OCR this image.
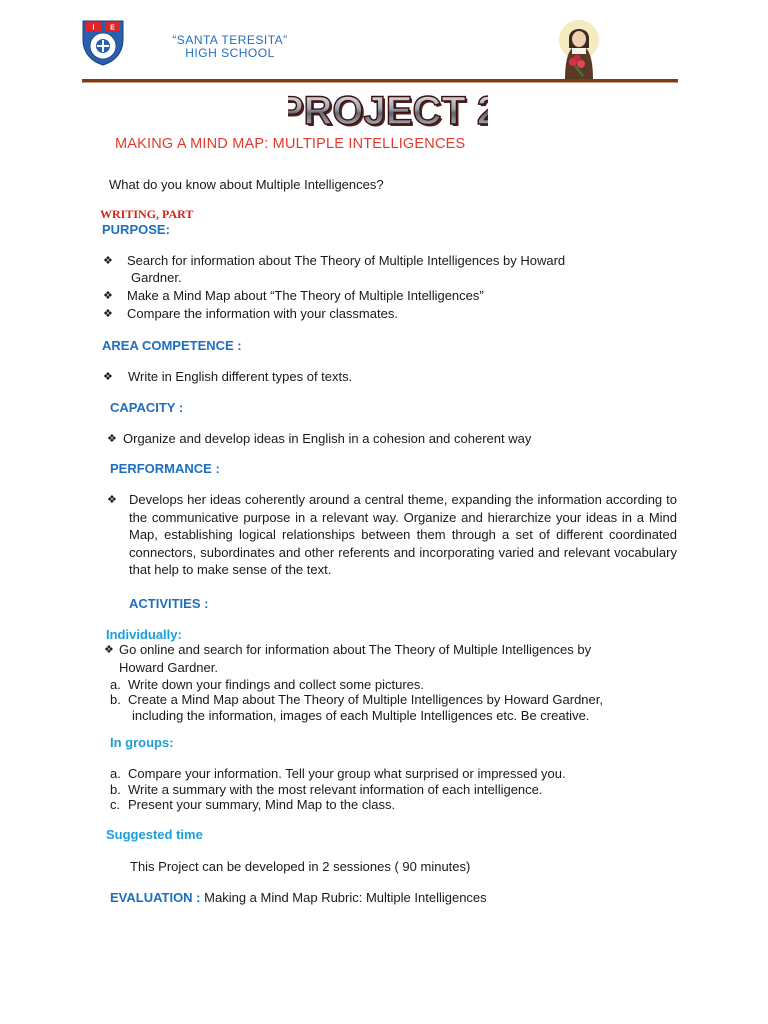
I E
“SANTA TERESITA”
HIGH SCHOOL
PROJECT
PROJECT
MAKING A MIND MAP: MULTIPLE INTELLIGENCES
What do you know about Multiple Intelligences?
WRITING, PART
PURPOSE:
❖ Search for information about The Theory of Multiple Intelligences by Howard
Gardner.
❖ Make a Mind Map about “The Theory of Multiple Intelligences”
❖ Compare the information with your classmates.
AREA COMPETENCE :
❖ Write in English different types of texts.
CAPACITY :
❖ Organize and develop ideas in English in a cohesion and coherent way
PERFORMANCE :
❖ Develops her ideas coherently around a central theme, expanding the information according to the communicative purpose in a relevant way. Organize and hierarchize your ideas in a Mind Map, establishing logical relationships between them through a set of different coordinated connectors, subordinates and other referents and incorporating varied and relevant vocabulary that help to make sense of the text.
ACTIVITIES :
Individually:
❖ Go online and search for information about The Theory of Multiple Intelligences by
Howard Gardner.
a. Write down your findings and collect some pictures.
b. Create a Mind Map about The Theory of Multiple Intelligences by Howard Gardner,
including the information, images of each Multiple Intelligences etc. Be creative.
In groups:
a. Compare your information. Tell your group what surprised or impressed you.
b. Write a summary with the most relevant information of each intelligence.
c. Present your summary, Mind Map to the class.
Suggested time
This Project can be developed in 2 sessiones ( 90 minutes)
EVALUATION : Making a Mind Map Rubric: Multiple Intelligences
